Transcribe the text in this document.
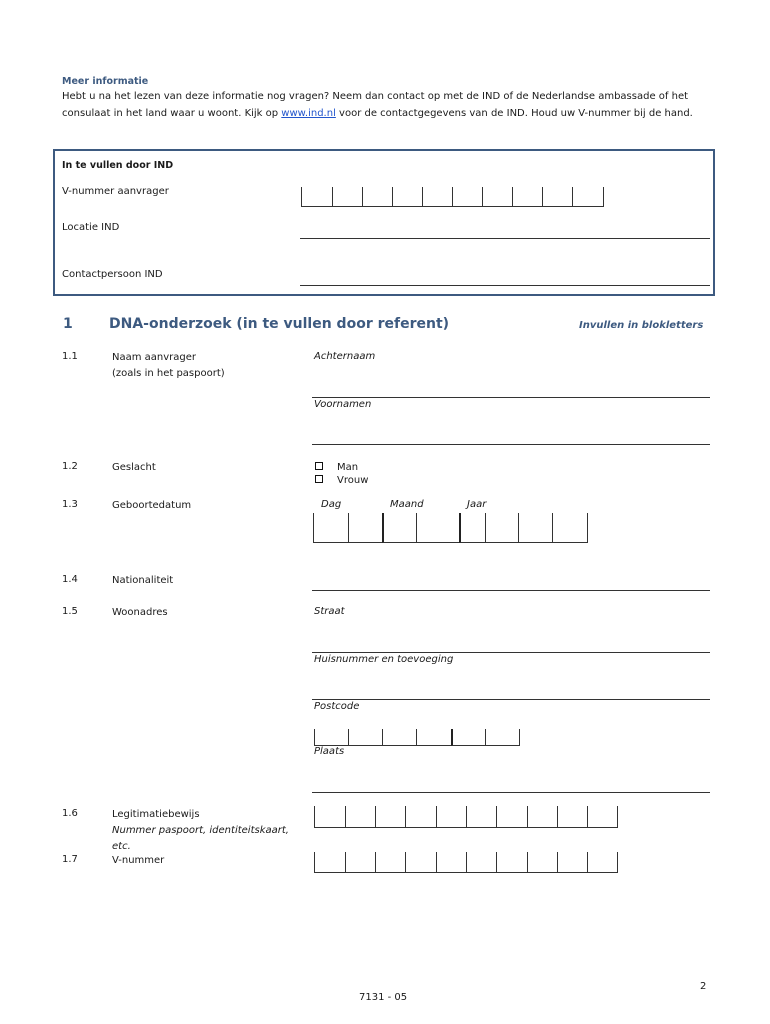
Meer informatie
Hebt u na het lezen van deze informatie nog vragen? Neem dan contact op met de IND of de Nederlandse ambassade of het consulaat in het land waar u woont. Kijk op www.ind.nl voor de contactgegevens van de IND. Houd uw V-nummer bij de hand.
In te vullen door IND
V-nummer aanvrager
Locatie IND
Contactpersoon IND
1	DNA-onderzoek (in te vullen door referent)	Invullen in blokletters
1.1	Naam aanvrager
(zoals in het paspoort)
Achternaam
Voornamen
1.2	Geslacht	Man
Vrouw
1.3	Geboortedatum	Dag	Maand	Jaar
1.4	Nationaliteit
1.5	Woonadres	Straat
Huisnummer en toevoeging
Postcode
Plaats
1.6	Legitimatiebewijs
Nummer paspoort, identiteitskaart, etc.
1.7	V-nummer
2
7131 - 05
